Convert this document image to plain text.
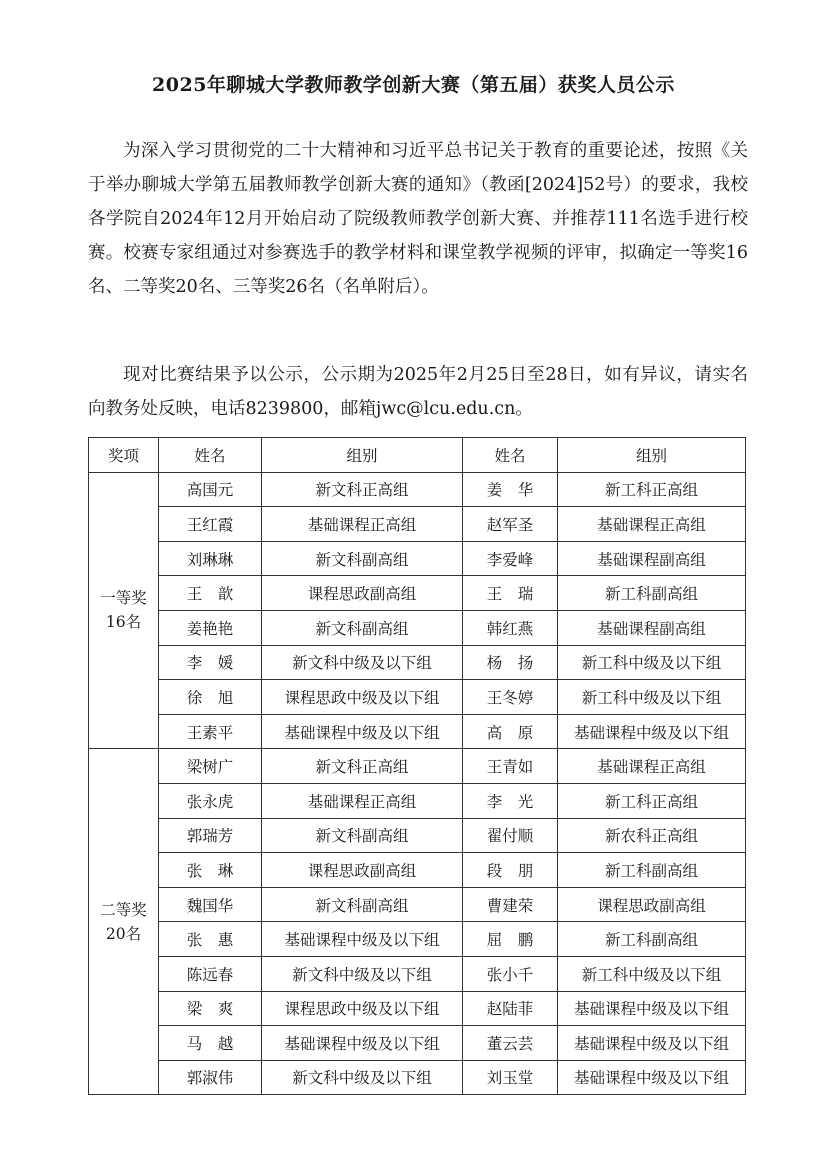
2025年聊城大学教师教学创新大赛（第五届）获奖人员公示

为深入学习贯彻党的二十大精神和习近平总书记关于教育的重要论述，按照《关于举办聊城大学第五届教师教学创新大赛的通知》（教函[2024]52号）的要求，我校各学院自2024年12月开始启动了院级教师教学创新大赛、并推荐111名选手进行校赛。校赛专家组通过对参赛选手的教学材料和课堂教学视频的评审，拟确定一等奖16名、二等奖20名、三等奖26名（名单附后）。

现对比赛结果予以公示，公示期为2025年2月25日至28日，如有异议，请实名向教务处反映，电话8239800，邮箱jwc@lcu.edu.cn。

奖项	姓名	组别	姓名	组别

一等奖
16名	高国元	新文科正高组	姜　华	新工科正高组
	王红霞	基础课程正高组	赵军圣	基础课程正高组
	刘琳琳	新文科副高组	李爱峰	基础课程副高组
	王　歆	课程思政副高组	王　瑞	新工科副高组
	姜艳艳	新文科副高组	韩红燕	基础课程副高组
	李　媛	新文科中级及以下组	杨　扬	新工科中级及以下组
	徐　旭	课程思政中级及以下组	王冬婷	新工科中级及以下组
	王素平	基础课程中级及以下组	高　原	基础课程中级及以下组

二等奖
20名	梁树广	新文科正高组	王青如	基础课程正高组
	张永虎	基础课程正高组	李　光	新工科正高组
	郭瑞芳	新文科副高组	翟付顺	新农科正高组
	张　琳	课程思政副高组	段　朋	新工科副高组
	魏国华	新文科副高组	曹建荣	课程思政副高组
	张　惠	基础课程中级及以下组	屈　鹏	新工科副高组
	陈远春	新文科中级及以下组	张小千	新工科中级及以下组
	梁　爽	课程思政中级及以下组	赵陆菲	基础课程中级及以下组
	马　越	基础课程中级及以下组	董云芸	基础课程中级及以下组
	郭淑伟	新文科中级及以下组	刘玉堂	基础课程中级及以下组
